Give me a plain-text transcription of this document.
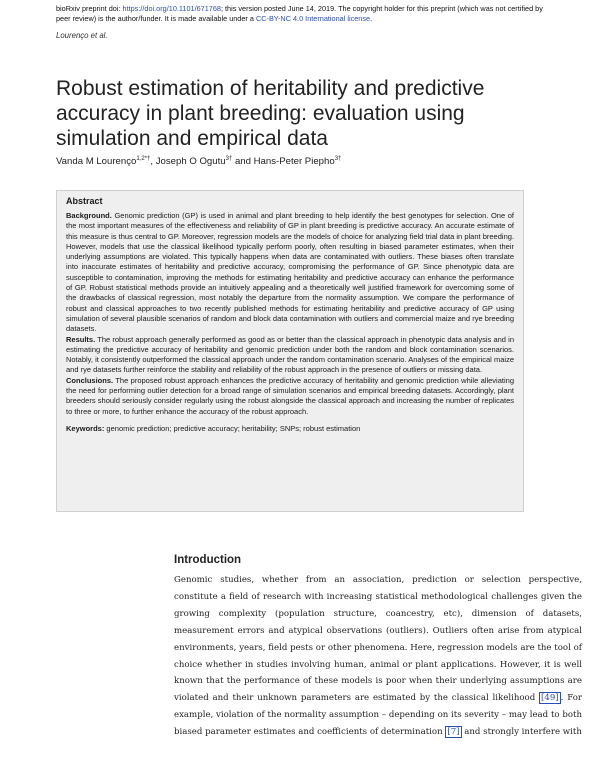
bioRxiv preprint doi: https://doi.org/10.1101/671768; this version posted June 14, 2019. The copyright holder for this preprint (which was not certified by peer review) is the author/funder. It is made available under a CC-BY-NC 4.0 International license.
Lourenço et al.
Robust estimation of heritability and predictive accuracy in plant breeding: evaluation using simulation and empirical data
Vanda M Lourenço$^{1,2*\dagger}$, Joseph O Ogutu$^{3\dagger}$ and Hans-Peter Piepho$^{3\dagger}$
Abstract

Background. Genomic prediction (GP) is used in animal and plant breeding to help identify the best genotypes for selection. One of the most important measures of the effectiveness and reliability of GP in plant breeding is predictive accuracy. An accurate estimate of this measure is thus central to GP. Moreover, regression models are the models of choice for analyzing field trial data in plant breeding. However, models that use the classical likelihood typically perform poorly, often resulting in biased parameter estimates, when their underlying assumptions are violated. This typically happens when data are contaminated with outliers. These biases often translate into inaccurate estimates of heritability and predictive accuracy, compromising the performance of GP. Since phenotypic data are susceptible to contamination, improving the methods for estimating heritability and predictive accuracy can enhance the performance of GP. Robust statistical methods provide an intuitively appealing and a theoretically well justified framework for overcoming some of the drawbacks of classical regression, most notably the departure from the normality assumption. We compare the performance of robust and classical approaches to two recently published methods for estimating heritability and predictive accuracy of GP using simulation of several plausible scenarios of random and block data contamination with outliers and commercial maize and rye breeding datasets.

Results. The robust approach generally performed as good as or better than the classical approach in phenotypic data analysis and in estimating the predictive accuracy of heritability and genomic prediction under both the random and block contamination scenarios. Notably, it consistently outperformed the classical approach under the random contamination scenario. Analyses of the empirical maize and rye datasets further reinforce the stability and reliability of the robust approach in the presence of outliers or missing data.

Conclusions. The proposed robust approach enhances the predictive accuracy of heritability and genomic prediction while alleviating the need for performing outlier detection for a broad range of simulation scenarios and empirical breeding datasets. Accordingly, plant breeders should seriously consider regularly using the robust alongside the classical approach and increasing the number of replicates to three or more, to further enhance the accuracy of the robust approach.

Keywords: genomic prediction; predictive accuracy; heritability; SNPs; robust estimation
Introduction
Genomic studies, whether from an association, prediction or selection perspective, constitute a field of research with increasing statistical methodological challenges given the growing complexity (population structure, coancestry, etc), dimension of datasets, measurement errors and atypical observations (outliers). Outliers often arise from atypical environments, years, field pests or other phenomena. Here, regression models are the tool of choice whether in studies involving human, animal or plant applications. However, it is well known that the performance of these models is poor when their underlying assumptions are violated and their unknown parameters are estimated by the classical likelihood [49] . For example, violation of the normality assumption – depending on its severity – may lead to both biased parameter estimates and coefficients of determination [7] and strongly interfere with
